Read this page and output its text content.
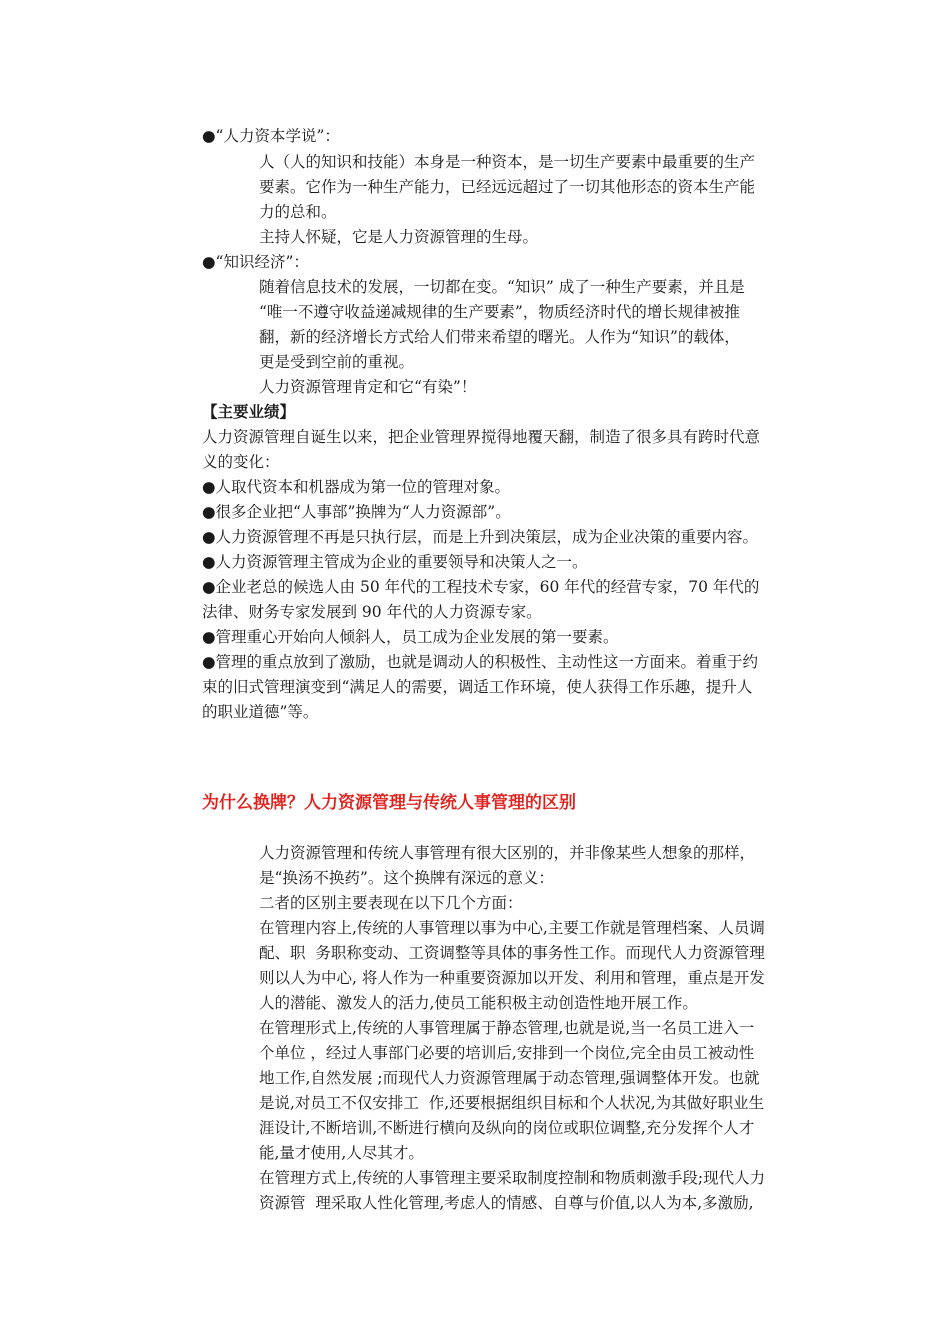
●“人力资本学说”：
人（人的知识和技能）本身是一种资本，是一切生产要素中最重要的生产
要素。它作为一种生产能力，已经远远超过了一切其他形态的资本生产能
力的总和。
主持人怀疑，它是人力资源管理的生母。
●“知识经济”：
随着信息技术的发展，一切都在变。“知识” 成了一种生产要素，并且是
“唯一不遵守收益递减规律的生产要素”，物质经济时代的增长规律被推
翻，新的经济增长方式给人们带来希望的曙光。人作为“知识”的载体，
更是受到空前的重视。
人力资源管理肯定和它“有染”！
【主要业绩】
人力资源管理自诞生以来，把企业管理界搅得地覆天翻，制造了很多具有跨时代意
义的变化：
●人取代资本和机器成为第一位的管理对象。
●很多企业把“人事部”换牌为“人力资源部”。
●人力资源管理不再是只执行层，而是上升到决策层，成为企业决策的重要内容。
●人力资源管理主管成为企业的重要领导和决策人之一。
●企业老总的候选人由 50 年代的工程技术专家，60 年代的经营专家，70 年代的
法律、财务专家发展到 90 年代的人力资源专家。
●管理重心开始向人倾斜人，员工成为企业发展的第一要素。
●管理的重点放到了激励，也就是调动人的积极性、主动性这一方面来。着重于约
束的旧式管理演变到“满足人的需要，调适工作环境，使人获得工作乐趣，提升人
的职业道德”等。
为什么换牌？人力资源管理与传统人事管理的区别
人力资源管理和传统人事管理有很大区别的，并非像某些人想象的那样，
是“换汤不换药”。这个换牌有深远的意义：
二者的区别主要表现在以下几个方面：
在管理内容上,传统的人事管理以事为中心,主要工作就是管理档案、人员调
配、职  务职称变动、工资调整等具体的事务性工作。而现代人力资源管理
则以人为中心, 将人作为一种重要资源加以开发、利用和管理，重点是开发
人的潜能、激发人的活力,使员工能积极主动创造性地开展工作。
在管理形式上,传统的人事管理属于静态管理,也就是说,当一名员工进入一
个单位 ，经过人事部门必要的培训后,安排到一个岗位,完全由员工被动性
地工作,自然发展 ;而现代人力资源管理属于动态管理,强调整体开发。也就
是说,对员工不仅安排工  作,还要根据组织目标和个人状况,为其做好职业生
涯设计,不断培训,不断进行横向及纵向的岗位或职位调整,充分发挥个人才
能,量才使用,人尽其才。
在管理方式上,传统的人事管理主要采取制度控制和物质刺激手段;现代人力
资源管  理采取人性化管理,考虑人的情感、自尊与价值,以人为本,多激励,
